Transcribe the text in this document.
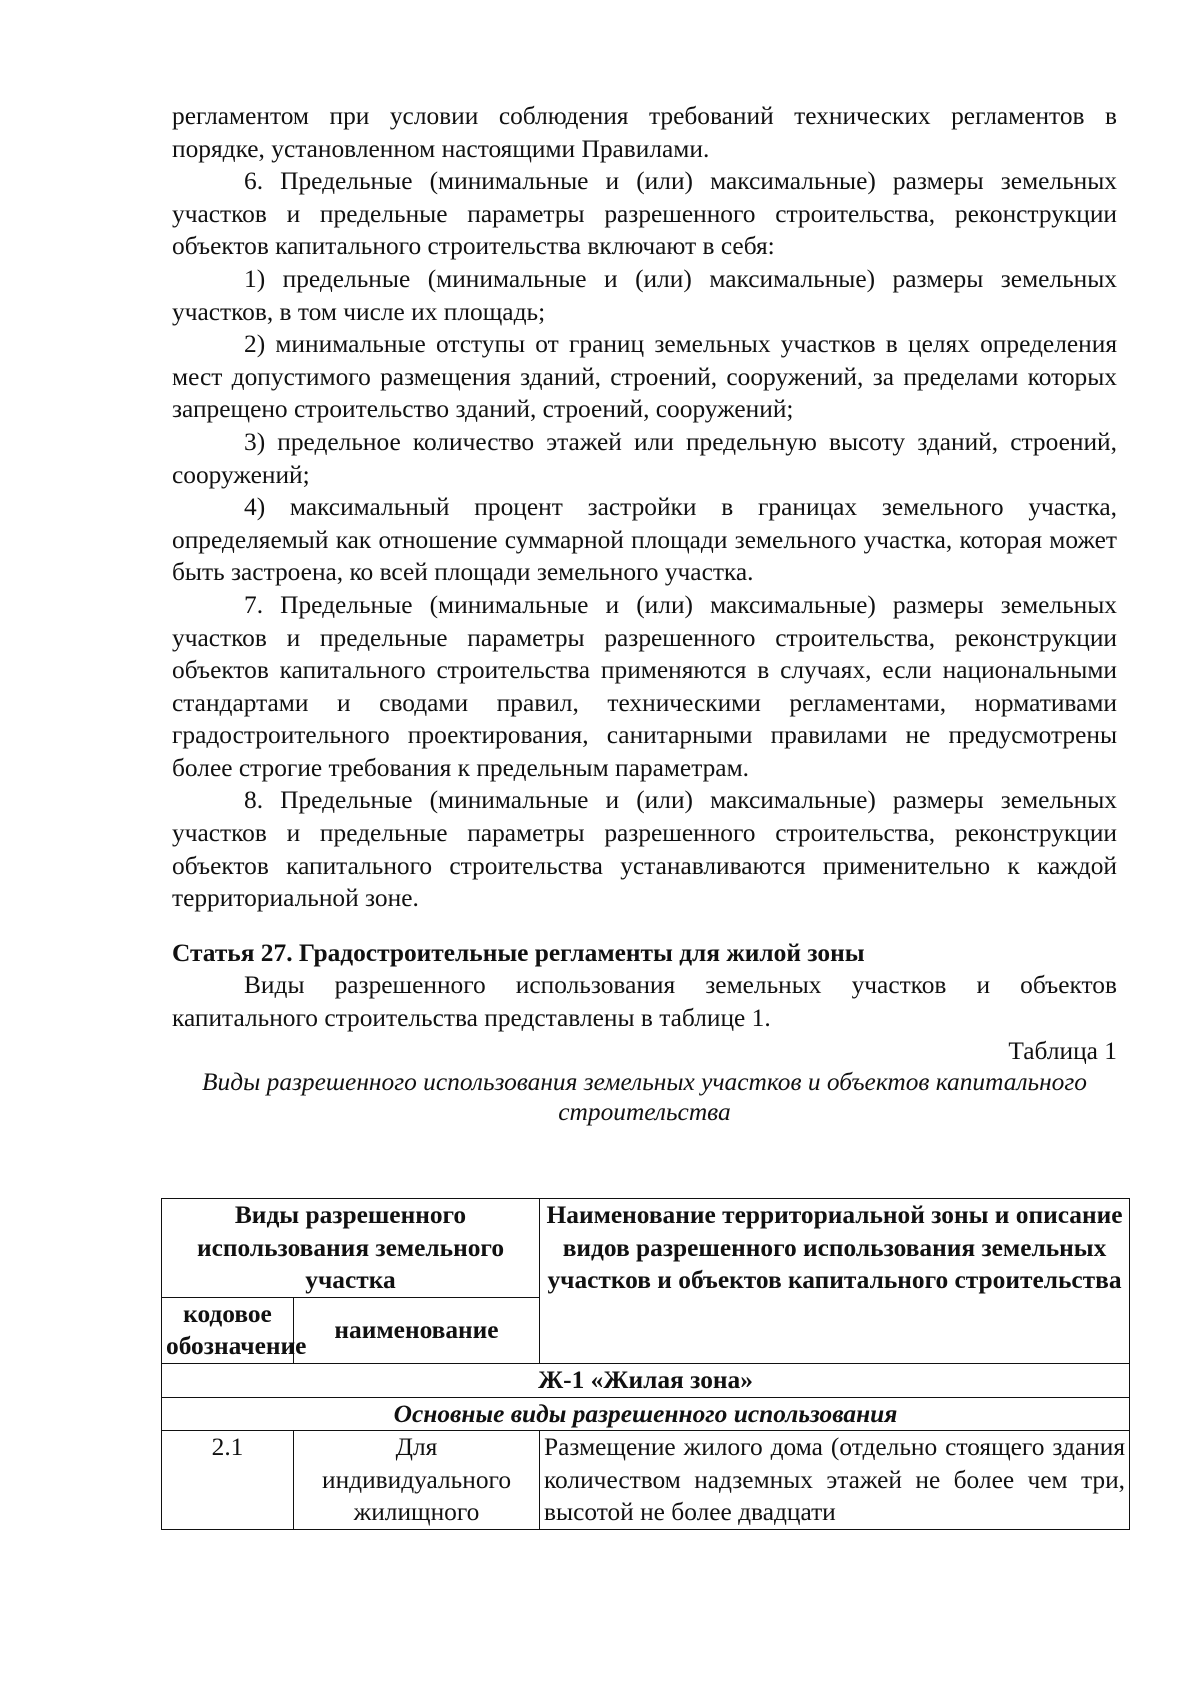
регламентом при условии соблюдения требований технических регламентов в порядке, установленном настоящими Правилами.

6. Предельные (минимальные и (или) максимальные) размеры земельных участков и предельные параметры разрешенного строительства, реконструкции объектов капитального строительства включают в себя:

1) предельные (минимальные и (или) максимальные) размеры земельных участков, в том числе их площадь;

2) минимальные отступы от границ земельных участков в целях определения мест допустимого размещения зданий, строений, сооружений, за пределами которых запрещено строительство зданий, строений, сооружений;

3) предельное количество этажей или предельную высоту зданий, строений, сооружений;

4) максимальный процент застройки в границах земельного участка, определяемый как отношение суммарной площади земельного участка, которая может быть застроена, ко всей площади земельного участка.

7. Предельные (минимальные и (или) максимальные) размеры земельных участков и предельные параметры разрешенного строительства, реконструкции объектов капитального строительства применяются в случаях, если национальными стандартами и сводами правил, техническими регламентами, нормативами градостроительного проектирования, санитарными правилами не предусмотрены более строгие требования к предельным параметрам.

8. Предельные (минимальные и (или) максимальные) размеры земельных участков и предельные параметры разрешенного строительства, реконструкции объектов капитального строительства устанавливаются применительно к каждой территориальной зоне.

Статья 27. Градостроительные регламенты для жилой зоны

Виды разрешенного использования земельных участков и объектов капитального строительства представлены в таблице 1.

Таблица 1

Виды разрешенного использования земельных участков и объектов капитального строительства

Виды разрешенного использования земельного участка		Наименование территориальной зоны и описание видов разрешенного использования земельных участков и объектов капитального строительства
кодовое обозначение	наименование	
Ж-1 «Жилая зона»		
Основные виды разрешенного использования		
2.1	Для индивидуального жилищного	Размещение жилого дома (отдельно стоящего здания количеством надземных этажей не более чем три, высотой не более двадцати
